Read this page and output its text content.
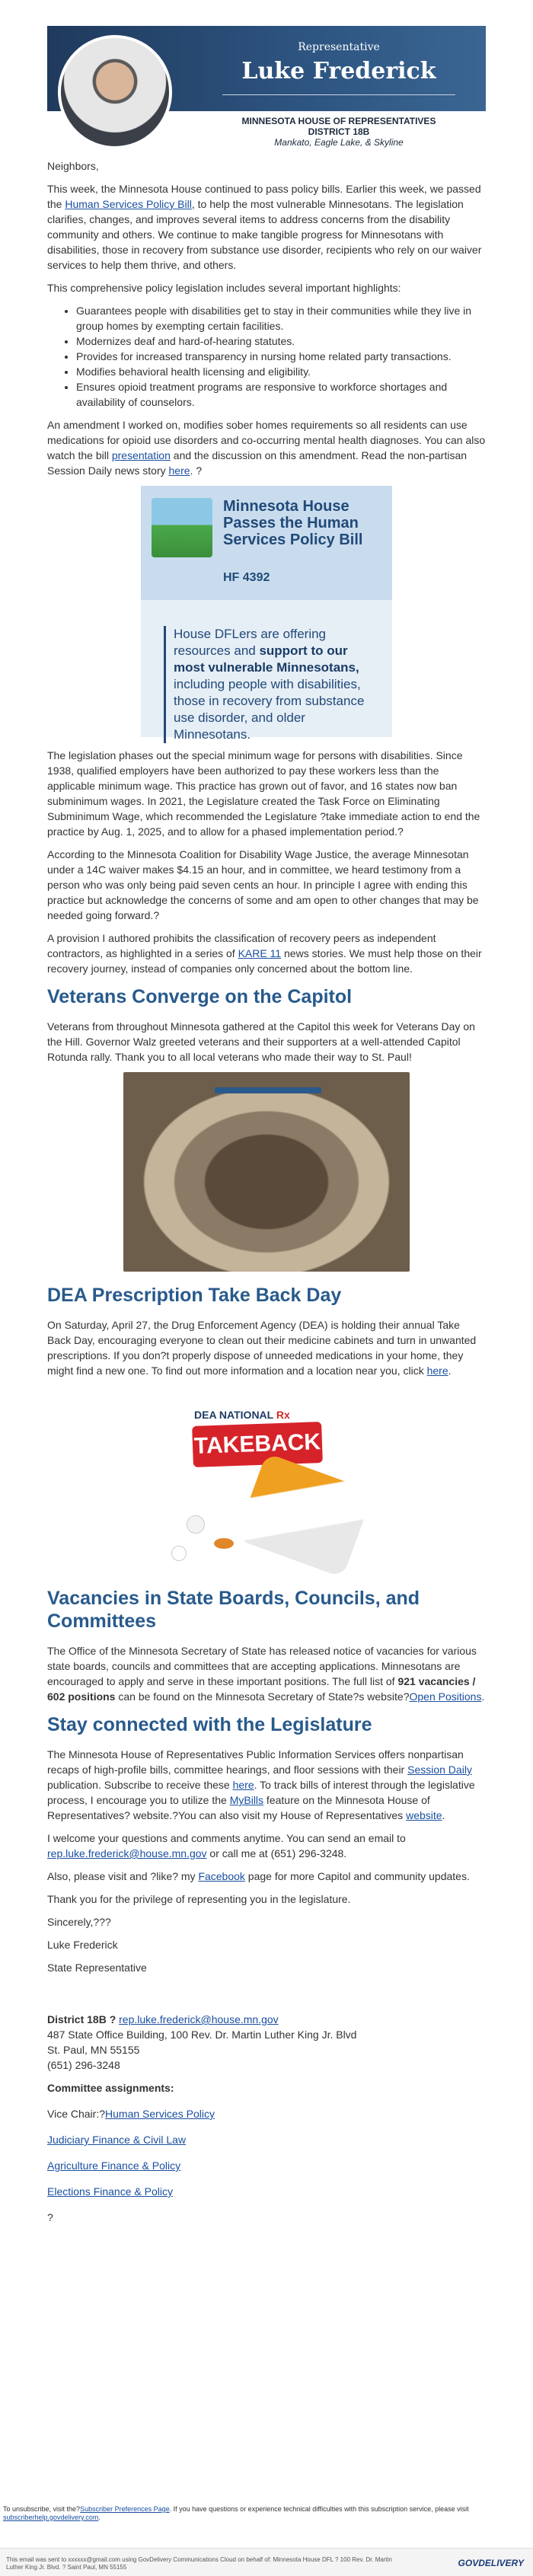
Representative
Luke Frederick
MINNESOTA HOUSE OF REPRESENTATIVES
DISTRICT 18B
Mankato, Eagle Lake, & Skyline

Neighbors,

This week, the Minnesota House continued to pass policy bills. Earlier this week, we passed the Human Services Policy Bill, to help the most vulnerable Minnesotans. The legislation clarifies, changes, and improves several items to address concerns from the disability community and others. We continue to make tangible progress for Minnesotans with disabilities, those in recovery from substance use disorder, recipients who rely on our waiver services to help them thrive, and others.

This comprehensive policy legislation includes several important highlights:

• Guarantees people with disabilities get to stay in their communities while they live in group homes by exempting certain facilities.
• Modernizes deaf and hard-of-hearing statutes.
• Provides for increased transparency in nursing home related party transactions.
• Modifies behavioral health licensing and eligibility.
• Ensures opioid treatment programs are responsive to workforce shortages and availability of counselors.

An amendment I worked on, modifies sober homes requirements so all residents can use medications for opioid use disorders and co-occurring mental health diagnoses. You can also watch the bill presentation and the discussion on this amendment. Read the non-partisan Session Daily news story here. ?

Minnesota House
Passes the Human
Services Policy Bill
HF 4392
House DFLers are offering resources and support to our most vulnerable Minnesotans, including people with disabilities, those in recovery from substance use disorder, and older Minnesotans.

The legislation phases out the special minimum wage for persons with disabilities. Since 1938, qualified employers have been authorized to pay these workers less than the applicable minimum wage. This practice has grown out of favor, and 16 states now ban subminimum wages. In 2021, the Legislature created the Task Force on Eliminating Subminimum Wage, which recommended the Legislature ?take immediate action to end the practice by Aug. 1, 2025, and to allow for a phased implementation period.?

According to the Minnesota Coalition for Disability Wage Justice, the average Minnesotan under a 14C waiver makes $4.15 an hour, and in committee, we heard testimony from a person who was only being paid seven cents an hour. In principle I agree with ending this practice but acknowledge the concerns of some and am open to other changes that may be needed going forward.?

A provision I authored prohibits the classification of recovery peers as independent contractors, as highlighted in a series of KARE 11 news stories. We must help those on their recovery journey, instead of companies only concerned about the bottom line.

Veterans Converge on the Capitol

Veterans from throughout Minnesota gathered at the Capitol this week for Veterans Day on the Hill. Governor Walz greeted veterans and their supporters at a well-attended Capitol Rotunda rally. Thank you to all local veterans who made their way to St. Paul!

DEA Prescription Take Back Day

On Saturday, April 27, the Drug Enforcement Agency (DEA) is holding their annual Take Back Day, encouraging everyone to clean out their medicine cabinets and turn in unwanted prescriptions. If you don?t properly dispose of unneeded medications in your home, they might find a new one. To find out more information and a location near you, click here.

DEA NATIONAL Rx
TAKEBACK
Vacancies in State Boards, Councils, and Committees

The Office of the Minnesota Secretary of State has released notice of vacancies for various state boards, councils and committees that are accepting applications. Minnesotans are encouraged to apply and serve in these important positions. The full list of 921 vacancies / 602 positions can be found on the Minnesota Secretary of State?s website?Open Positions.

Stay connected with the Legislature

The Minnesota House of Representatives Public Information Services offers nonpartisan recaps of high-profile bills, committee hearings, and floor sessions with their Session Daily publication. Subscribe to receive these here. To track bills of interest through the legislative process, I encourage you to utilize the MyBills feature on the Minnesota House of Representatives? website.?You can also visit my House of Representatives website.

I welcome your questions and comments anytime. You can send an email to rep.luke.frederick@house.mn.gov or call me at (651) 296-3248.

Also, please visit and ?like? my Facebook page for more Capitol and community updates.

Thank you for the privilege of representing you in the legislature.

Sincerely,???

Luke Frederick

State Representative

District 18B ? rep.luke.frederick@house.mn.gov

487 State Office Building, 100 Rev. Dr. Martin Luther King Jr. Blvd

St. Paul, MN 55155

(651) 296-3248

Committee assignments:

Vice Chair:?Human Services Policy

Judiciary Finance & Civil Law

Agriculture Finance & Policy

Elections Finance & Policy

?

To unsubscribe, visit the?Subscriber Preferences Page. If you have questions or experience technical difficulties with this subscription service, please visit subscriberhelp.govdelivery.com.

This email was sent to xxxxxx@gmail.com using GovDelivery Communications Cloud on behalf of: Minnesota House DFL ? 100 Rev. Dr. Martin Luther King Jr. Blvd. ? Saint Paul, MN 55155	GOVDELIVERY
